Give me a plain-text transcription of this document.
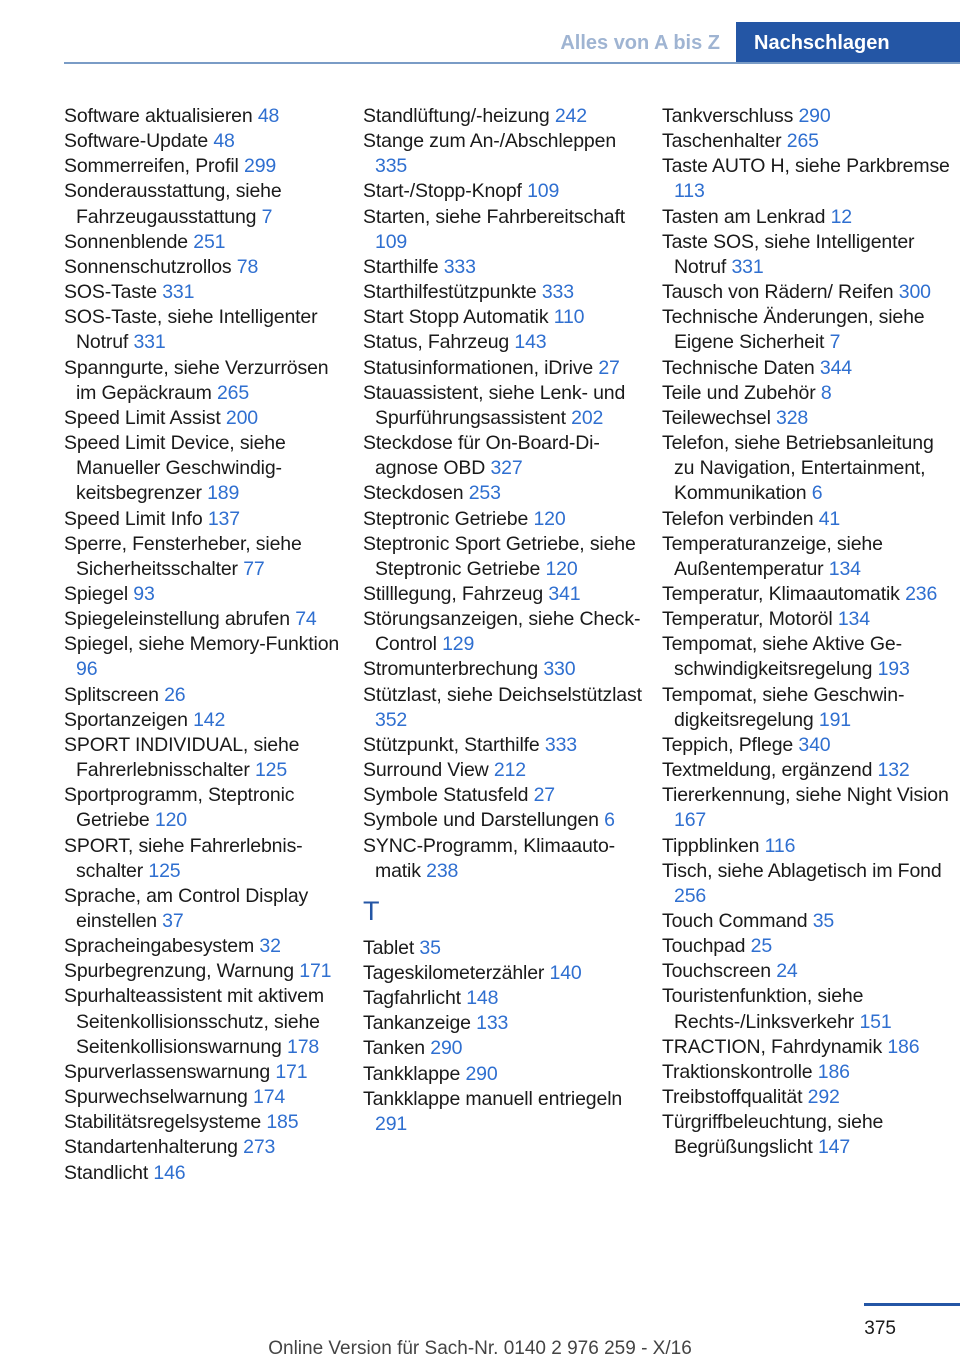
Alles von A bis Z	Nachschlagen
Software aktualisieren 48
Software-Update 48
Sommerreifen, Profil 299
Sonderausstattung, siehe Fahrzeugausstattung 7
Sonnenblende 251
Sonnenschutzrollos 78
SOS-Taste 331
SOS-Taste, siehe Intelligenter Notruf 331
Spanngurte, siehe Verzurrösen im Gepäckraum 265
Speed Limit Assist 200
Speed Limit Device, siehe Manueller Geschwindigkeitsbegrenzer 189
Speed Limit Info 137
Sperre, Fensterheber, siehe Sicherheitsschalter 77
Spiegel 93
Spiegeleinstellung abrufen 74
Spiegel, siehe Memory-Funktion 96
Splitscreen 26
Sportanzeigen 142
SPORT INDIVIDUAL, siehe Fahrerlebnisschalter 125
Sportprogramm, Steptronic Getriebe 120
SPORT, siehe Fahrerlebnisschalter 125
Sprache, am Control Display einstellen 37
Spracheingabesystem 32
Spurbegrenzung, Warnung 171
Spurhalteassistent mit aktivem Seitenkollisionsschutz, siehe Seitenkollisionswarnung 178
Spurverlassenswarnung 171
Spurwechselwarnung 174
Stabilitätsregelsysteme 185
Standartenhalterung 273
Standlicht 146
Standlüftung/-heizung 242
Stange zum An-/Abschleppen 335
Start-/Stopp-Knopf 109
Starten, siehe Fahrbereitschaft 109
Starthilfe 333
Starthilfestützpunkte 333
Start Stopp Automatik 110
Status, Fahrzeug 143
Statusinformationen, iDrive 27
Stauassistent, siehe Lenk- und Spurführungsassistent 202
Steckdose für On-Board-Diagnose OBD 327
Steckdosen 253
Steptronic Getriebe 120
Steptronic Sport Getriebe, siehe Steptronic Getriebe 120
Stilllegung, Fahrzeug 341
Störungsanzeigen, siehe Check-Control 129
Stromunterbrechung 330
Stützlast, siehe Deichselstützlast 352
Stützpunkt, Starthilfe 333
Surround View 212
Symbole Statusfeld 27
Symbole und Darstellungen 6
SYNC-Programm, Klimaautomatik 238
T
Tablet 35
Tageskilometerzähler 140
Tagfahrlicht 148
Tankanzeige 133
Tanken 290
Tankklappe 290
Tankklappe manuell entriegeln 291
Tankverschluss 290
Taschenhalter 265
Taste AUTO H, siehe Parkbremse 113
Tasten am Lenkrad 12
Taste SOS, siehe Intelligenter Notruf 331
Tausch von Rädern/ Reifen 300
Technische Änderungen, siehe Eigene Sicherheit 7
Technische Daten 344
Teile und Zubehör 8
Teilewechsel 328
Telefon, siehe Betriebsanleitung zu Navigation, Entertainment, Kommunikation 6
Telefon verbinden 41
Temperaturanzeige, siehe Außentemperatur 134
Temperatur, Klimaautomatik 236
Temperatur, Motoröl 134
Tempomat, siehe Aktive Geschwindigkeitsregelung 193
Tempomat, siehe Geschwindigkeitsregelung 191
Teppich, Pflege 340
Textmeldung, ergänzend 132
Tiererkennung, siehe Night Vision 167
Tippblinken 116
Tisch, siehe Ablagetisch im Fond 256
Touch Command 35
Touchpad 25
Touchscreen 24
Touristenfunktion, siehe Rechts-/Linksverkehr 151
TRACTION, Fahrdynamik 186
Traktionskontrolle 186
Treibstoffqualität 292
Türgriffbeleuchtung, siehe Begrüßungslicht 147
375
Online Version für Sach-Nr. 0140 2 976 259 - X/16
